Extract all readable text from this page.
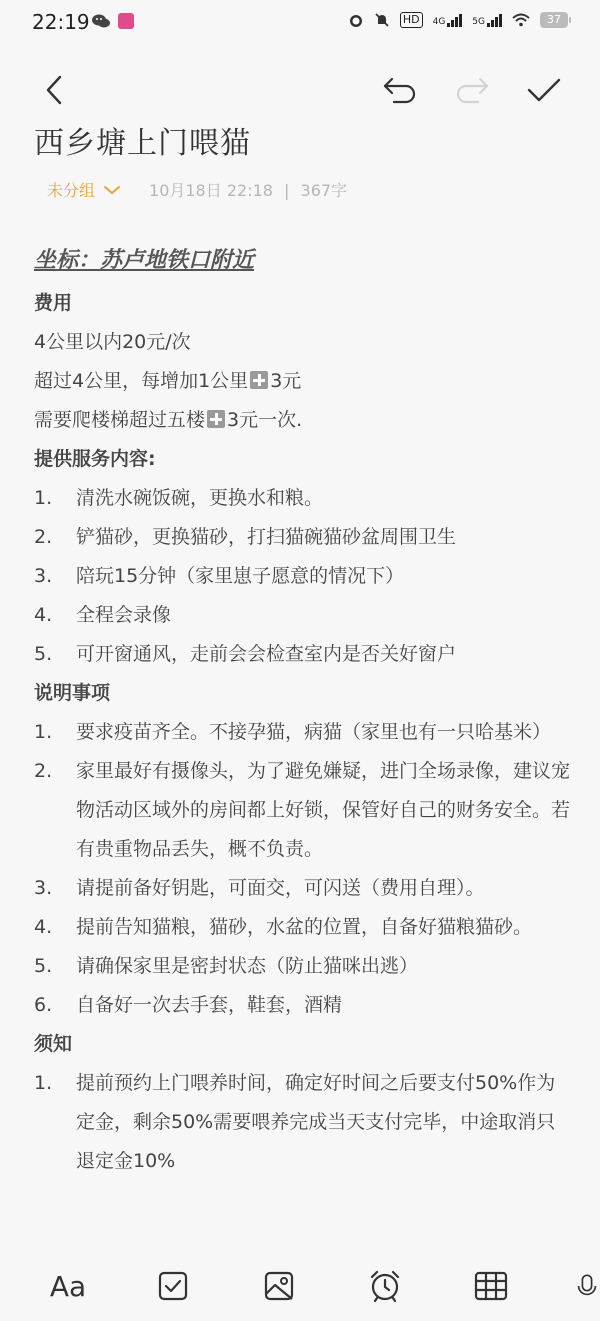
22:19	HD	4G	5G	37
西乡塘上门喂猫
未分组	10月18日 22:18 | 367字

坐标：苏卢地铁口附近

费用

4公里以内20元/次

超过4公里，每增加1公里 3元

需要爬楼梯超过五楼 3元一次.

提供服务内容:

1.	清洗水碗饭碗，更换水和粮。
2.	铲猫砂，更换猫砂，打扫猫碗猫砂盆周围卫生
3.	陪玩15分钟（家里崽子愿意的情况下）
4.	全程会录像
5.	可开窗通风，走前会会检查室内是否关好窗户

说明事项

1.	要求疫苗齐全。不接孕猫，病猫（家里也有一只哈基米）
2.	家里最好有摄像头，为了避免嫌疑，进门全场录像，建议宠物活动区域外的房间都上好锁，保管好自己的财务安全。若有贵重物品丢失，概不负责。
3.	请提前备好钥匙，可面交，可闪送（费用自理）。
4.	提前告知猫粮，猫砂，水盆的位置，自备好猫粮猫砂。
5.	请确保家里是密封状态（防止猫咪出逃）
6.	自备好一次去手套，鞋套，酒精

须知

1.	提前预约上门喂养时间，确定好时间之后要支付50%作为定金，剩余50%需要喂养完成当天支付完毕，中途取消只退定金10%
Aa
